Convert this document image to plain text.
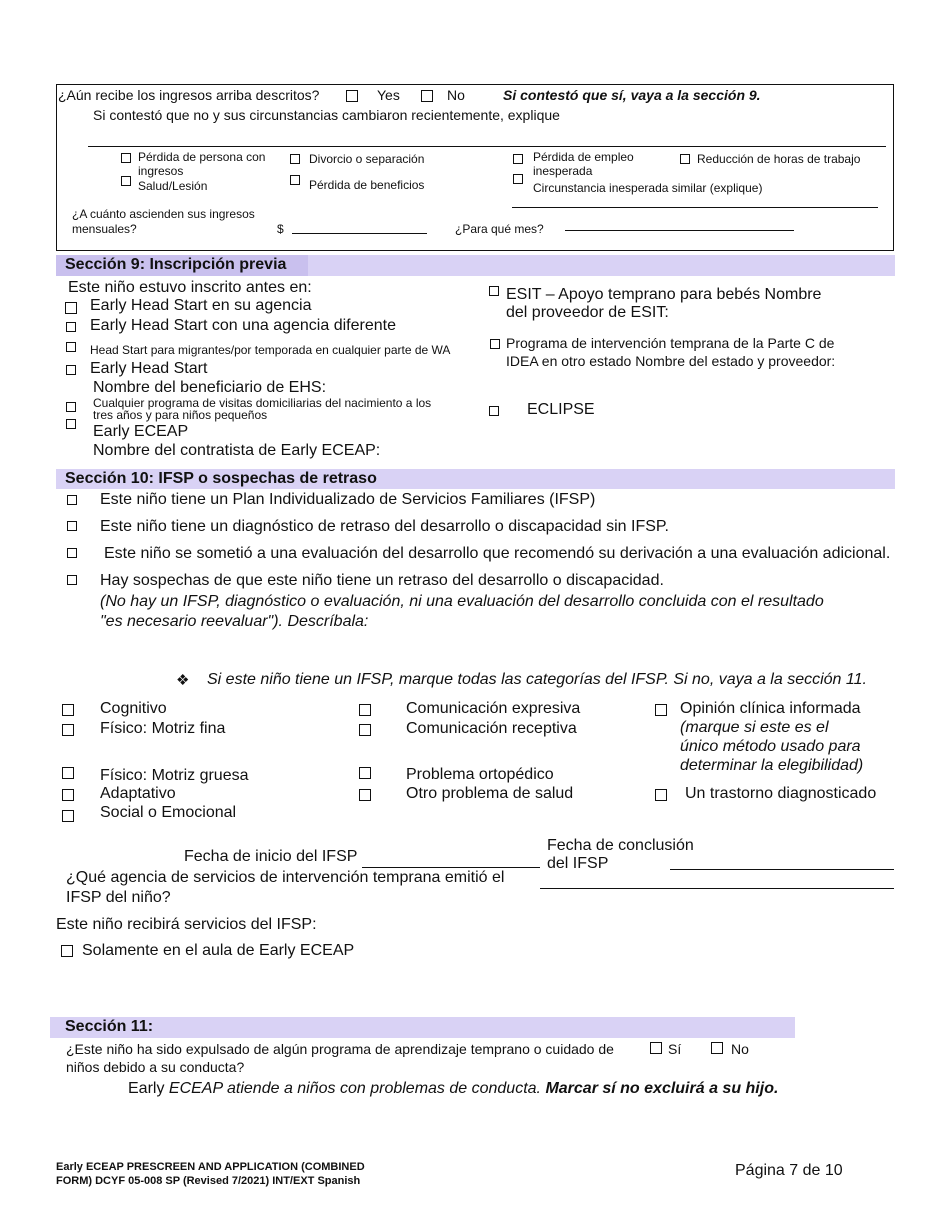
¿Aún recibe los ingresos arriba descritos?	Yes	No	Si contestó que sí, vaya a la sección 9.
Si contestó que no y sus circunstancias cambiaron recientemente, explique
Pérdida de persona con
ingresos
Salud/Lesión
Divorcio o separación
Pérdida de beneficios
Pérdida de empleo
inesperada
Circunstancia inesperada similar (explique)
Reducción de horas de trabajo
¿A cuánto ascienden sus ingresos
mensuales?	$	¿Para qué mes?
Sección 9: Inscripción previa
Este niño estuvo inscrito antes en:
Early Head Start en su agencia
Early Head Start con una agencia diferente
Head Start para migrantes/por temporada en cualquier parte de WA
Early Head Start
Nombre del beneficiario de EHS:
Cualquier programa de visitas domiciliarias del nacimiento a los
tres años y para niños pequeños
Early ECEAP
Nombre del contratista de Early ECEAP:
ESIT – Apoyo temprano para bebés Nombre
del proveedor de ESIT:
Programa de intervención temprana de la Parte C de
IDEA en otro estado Nombre del estado y proveedor:
ECLIPSE
Sección 10: IFSP o sospechas de retraso
Este niño tiene un Plan Individualizado de Servicios Familiares (IFSP)
Este niño tiene un diagnóstico de retraso del desarrollo o discapacidad sin IFSP.
Este niño se sometió a una evaluación del desarrollo que recomendó su derivación a una evaluación adicional.
Hay sospechas de que este niño tiene un retraso del desarrollo o discapacidad.
(No hay un IFSP, diagnóstico o evaluación, ni una evaluación del desarrollo concluida con el resultado
"es necesario reevaluar"). Descríbala:
❖ Si este niño tiene un IFSP, marque todas las categorías del IFSP. Si no, vaya a la sección 11.
Cognitivo
Físico: Motriz fina
Físico: Motriz gruesa
Adaptativo
Social o Emocional
Comunicación expresiva
Comunicación receptiva
Problema ortopédico
Otro problema de salud
Opinión clínica informada
(marque si este es el
único método usado para
determinar la elegibilidad)
Un trastorno diagnosticado
Fecha de inicio del IFSP
Fecha de conclusión
del IFSP
¿Qué agencia de servicios de intervención temprana emitió el
IFSP del niño?
Este niño recibirá servicios del IFSP:
Solamente en el aula de Early ECEAP
Sección 11:
¿Este niño ha sido expulsado de algún programa de aprendizaje temprano o cuidado de
niños debido a su conducta?
Sí	No
Early ECEAP atiende a niños con problemas de conducta. Marcar sí no excluirá a su hijo.
Early ECEAP PRESCREEN AND APPLICATION (COMBINED
FORM) DCYF 05-008 SP (Revised 7/2021) INT/EXT Spanish
Página 7 de 10
